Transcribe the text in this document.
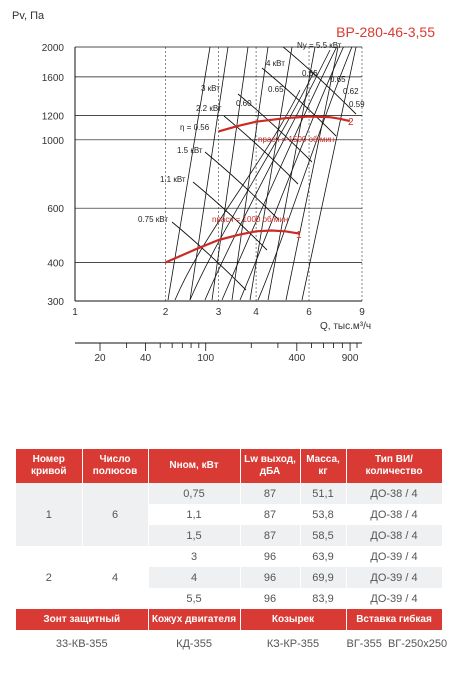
Pv, Па
ВР-280-46-3,55
Ny = 5.5 кВт
4 кВт
3 кВт
2.2 кВт
1.5 кВт
1.1 кВт
0.75 кВт
η = 0.56
0.60
0.65
0.66
0.65
0.62
0.59
nрасч = 1000 об/мин
1
nрасч = 1500 об/мин
2
2000
1600
1200
1000
600
400
300
1	2	3	4	6	9
Q, тыс.м³/ч
20	40	100	400	900
Номер кривой	Число полюсов	Nном, кВт	Lw выход, дБА	Масса, кг	Тип ВИ/ количество
1	6	0,75	87	51,1	ДО-38 / 4
		1,1	87	53,8	ДО-38 / 4
		1,5	87	58,5	ДО-38 / 4
2	4	3	96	63,9	ДО-39 / 4
		4	96	69,9	ДО-39 / 4
		5,5	96	83,9	ДО-39 / 4
Зонт защитный		Кожух двигателя	Козырек		Вставка гибкая
33-КВ-355		КД-355	КЗ-КР-355		ВГ-355 ВГ-250х250
